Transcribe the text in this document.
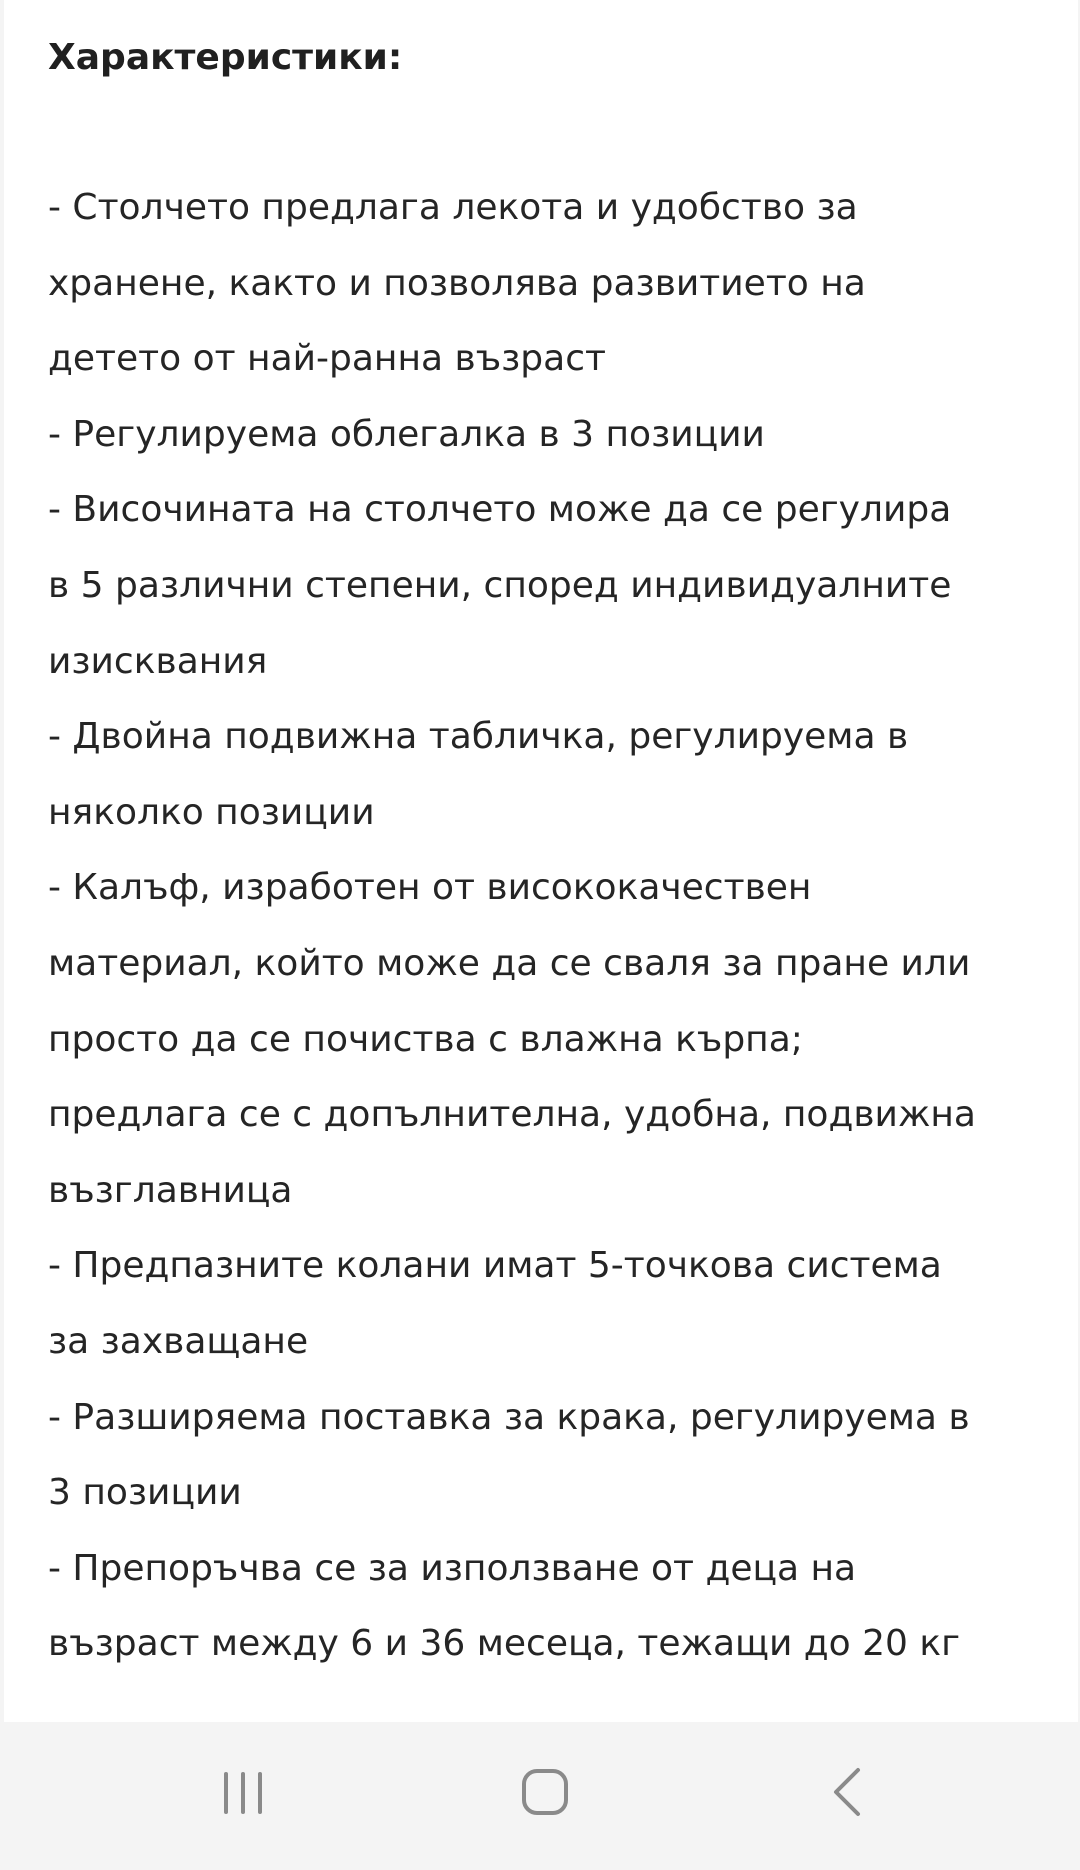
Характеристики:

- Столчето предлага лекота и удобство за

хранене, както и позволява развитието на

детето от най-ранна възраст

- Регулируема облегалка в 3 позиции

- Височината на столчето може да се регулира

в 5 различни степени, според индивидуалните

изисквания

- Двойна подвижна табличка, регулируема в

няколко позиции

- Калъф, изработен от висококачествен

материал, който може да се сваля за пране или

просто да се почиства с влажна кърпа;

предлага се с допълнителна, удобна, подвижна

възглавница

- Предпазните колани имат 5-точкова система

за захващане

- Разширяема поставка за крака, регулируема в

3 позиции

- Препоръчва се за използване от деца на

възраст между 6 и 36 месеца, тежащи до 20 кг
